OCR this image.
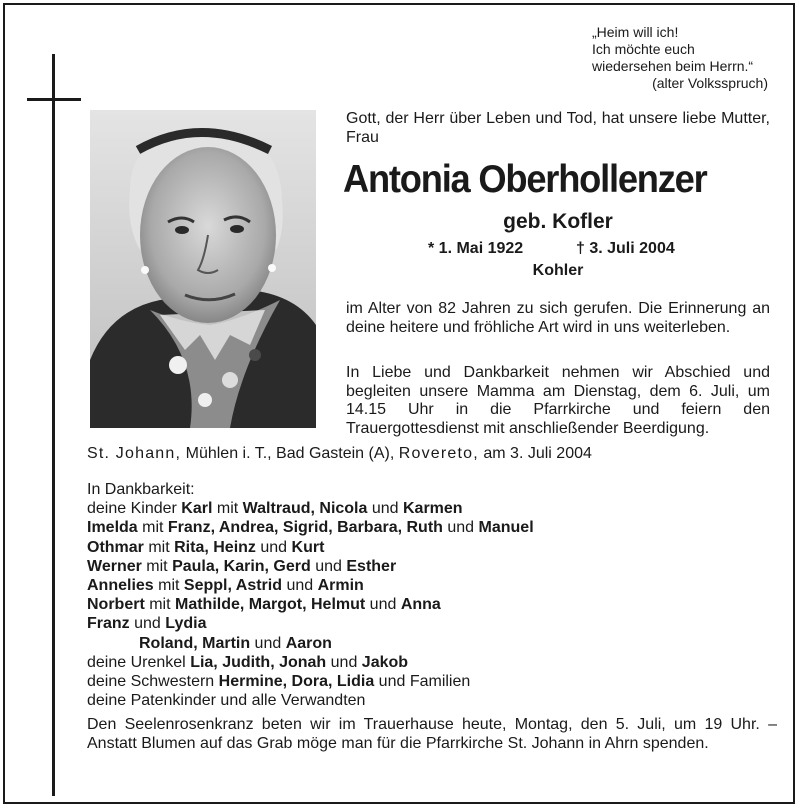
„Heim will ich!
Ich möchte euch
wiedersehen beim Herrn.“
(alter Volksspruch)
Gott, der Herr über Leben und Tod, hat unsere liebe Mutter, Frau
Antonia Oberhollenzer
geb. Kofler
* 1. Mai 1922	† 3. Juli 2004
Kohler
im Alter von 82 Jahren zu sich gerufen. Die Erinnerung an deine heitere und fröhliche Art wird in uns weiterleben.
In Liebe und Dankbarkeit nehmen wir Abschied und begleiten unsere Mamma am Dienstag, dem 6. Juli, um 14.15 Uhr in die Pfarrkirche und feiern den Trauergottesdienst mit anschließender Beerdigung.
St. Johann, Mühlen i. T., Bad Gastein (A), Rovereto, am 3. Juli 2004
In Dankbarkeit:
deine Kinder Karl mit Waltraud, Nicola und Karmen
Imelda mit Franz, Andrea, Sigrid, Barbara, Ruth und Manuel
Othmar mit Rita, Heinz und Kurt
Werner mit Paula, Karin, Gerd und Esther
Annelies mit Seppl, Astrid und Armin
Norbert mit Mathilde, Margot, Helmut und Anna
Franz und Lydia
Roland, Martin und Aaron
deine Urenkel Lia, Judith, Jonah und Jakob
deine Schwestern Hermine, Dora, Lidia und Familien
deine Patenkinder und alle Verwandten
Den Seelenrosenkranz beten wir im Trauerhause heute, Montag, den 5. Juli, um 19 Uhr. – Anstatt Blumen auf das Grab möge man für die Pfarrkirche St. Johann in Ahrn spenden.
